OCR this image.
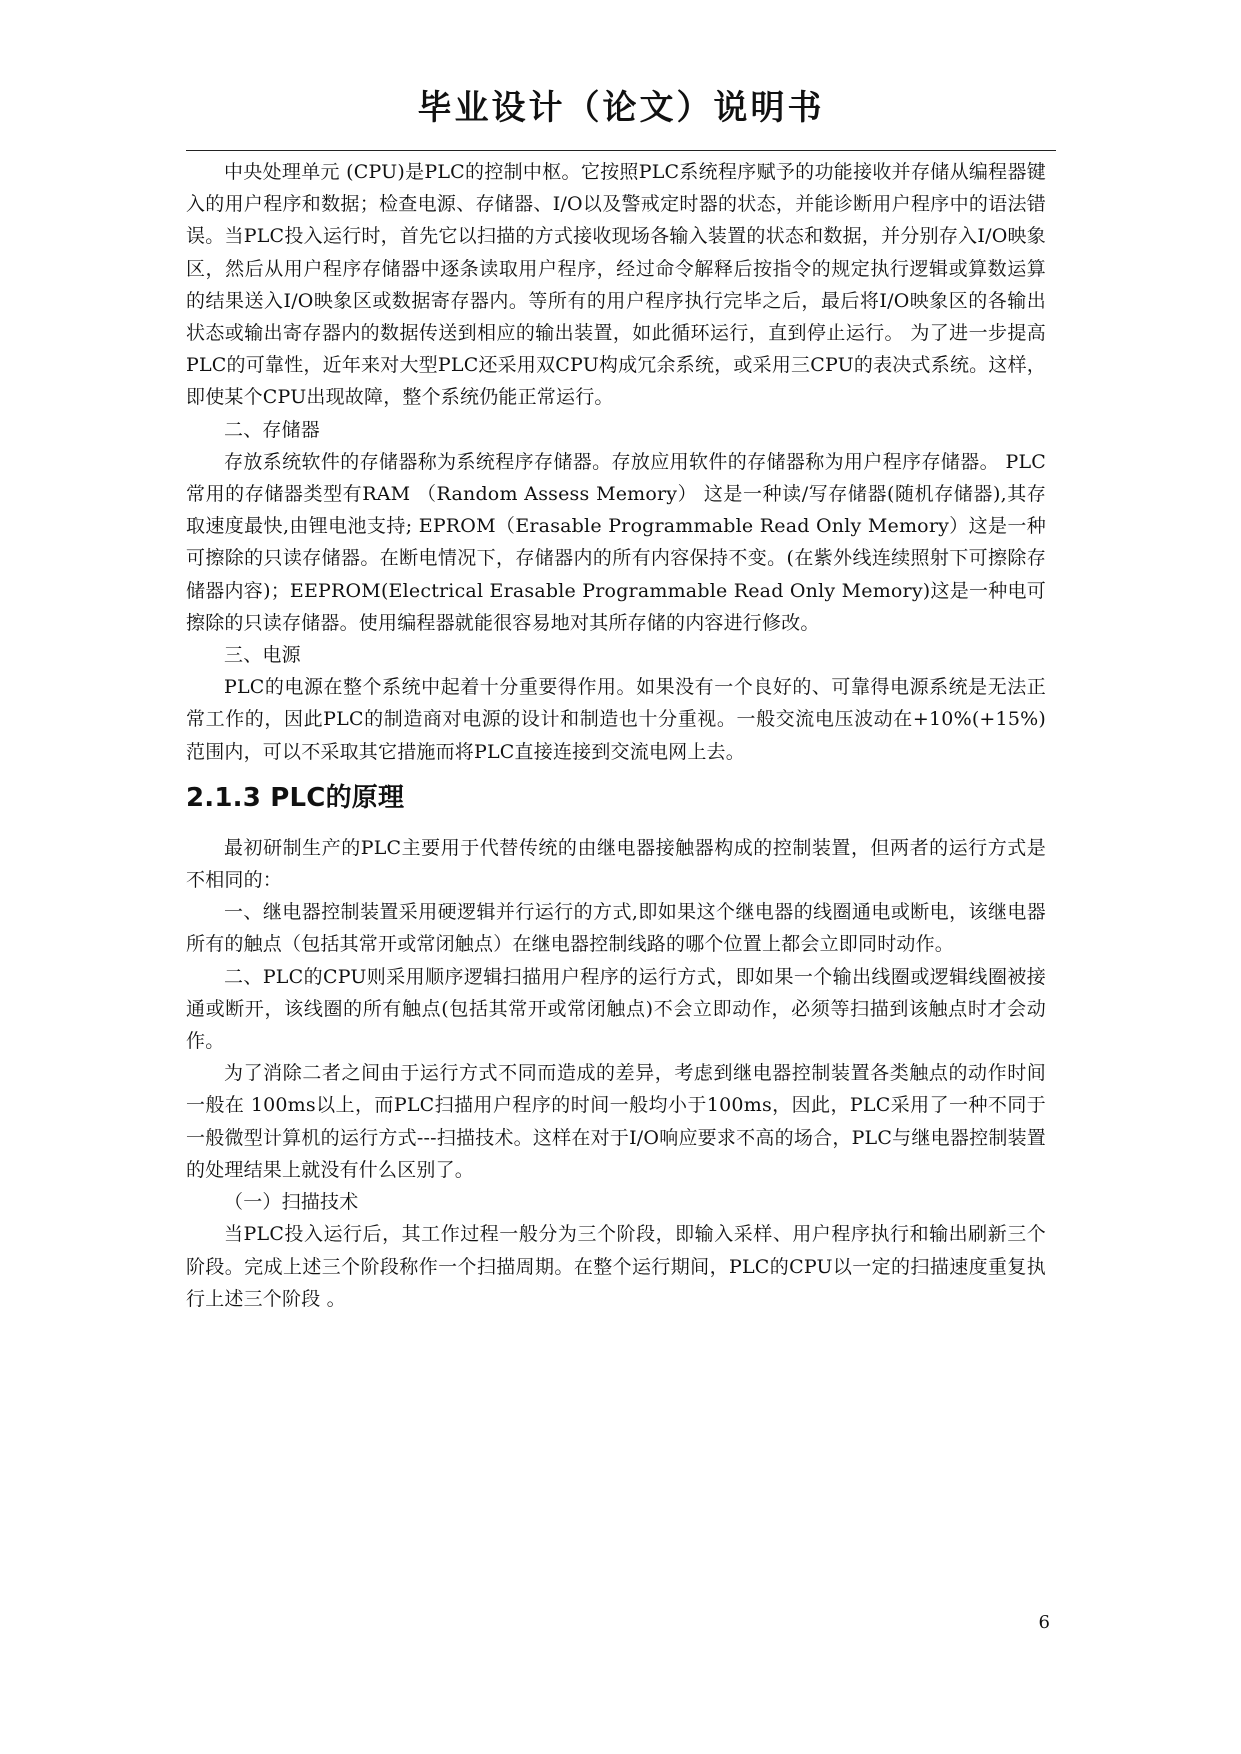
毕业设计（论文）说明书

中央处理单元 (CPU)是PLC的控制中枢。它按照PLC系统程序赋予的功能接收并存储从编程器键入的用户程序和数据；检查电源、存储器、I/O以及警戒定时器的状态，并能诊断用户程序中的语法错误。当PLC投入运行时，首先它以扫描的方式接收现场各输入装置的状态和数据，并分别存入I/O映象区，然后从用户程序存储器中逐条读取用户程序，经过命令解释后按指令的规定执行逻辑或算数运算的结果送入I/O映象区或数据寄存器内。等所有的用户程序执行完毕之后，最后将I/O映象区的各输出状态或输出寄存器内的数据传送到相应的输出装置，如此循环运行，直到停止运行。 为了进一步提高PLC的可靠性，近年来对大型PLC还采用双CPU构成冗余系统，或采用三CPU的表决式系统。这样，即使某个CPU出现故障，整个系统仍能正常运行。

二、存储器

存放系统软件的存储器称为系统程序存储器。存放应用软件的存储器称为用户程序存储器。 PLC常用的存储器类型有RAM （Random Assess Memory） 这是一种读/写存储器(随机存储器),其存取速度最快,由锂电池支持; EPROM（Erasable Programmable Read Only Memory）这是一种可擦除的只读存储器。在断电情况下，存储器内的所有内容保持不变。(在紫外线连续照射下可擦除存储器内容)；EEPROM(Electrical Erasable Programmable Read Only Memory)这是一种电可擦除的只读存储器。使用编程器就能很容易地对其所存储的内容进行修改。

三、电源

PLC的电源在整个系统中起着十分重要得作用。如果没有一个良好的、可靠得电源系统是无法正常工作的，因此PLC的制造商对电源的设计和制造也十分重视。一般交流电压波动在+10%(+15%)范围内，可以不采取其它措施而将PLC直接连接到交流电网上去。

2.1.3 PLC的原理

最初研制生产的PLC主要用于代替传统的由继电器接触器构成的控制装置，但两者的运行方式是不相同的：

一、继电器控制装置采用硬逻辑并行运行的方式,即如果这个继电器的线圈通电或断电，该继电器所有的触点（包括其常开或常闭触点）在继电器控制线路的哪个位置上都会立即同时动作。

二、PLC的CPU则采用顺序逻辑扫描用户程序的运行方式，即如果一个输出线圈或逻辑线圈被接通或断开，该线圈的所有触点(包括其常开或常闭触点)不会立即动作，必须等扫描到该触点时才会动作。

为了消除二者之间由于运行方式不同而造成的差异，考虑到继电器控制装置各类触点的动作时间一般在 100ms以上，而PLC扫描用户程序的时间一般均小于100ms，因此，PLC采用了一种不同于一般微型计算机的运行方式---扫描技术。这样在对于I/O响应要求不高的场合，PLC与继电器控制装置的处理结果上就没有什么区别了。

（一）扫描技术

当PLC投入运行后，其工作过程一般分为三个阶段，即输入采样、用户程序执行和输出刷新三个阶段。完成上述三个阶段称作一个扫描周期。在整个运行期间，PLC的CPU以一定的扫描速度重复执行上述三个阶段 。

6
